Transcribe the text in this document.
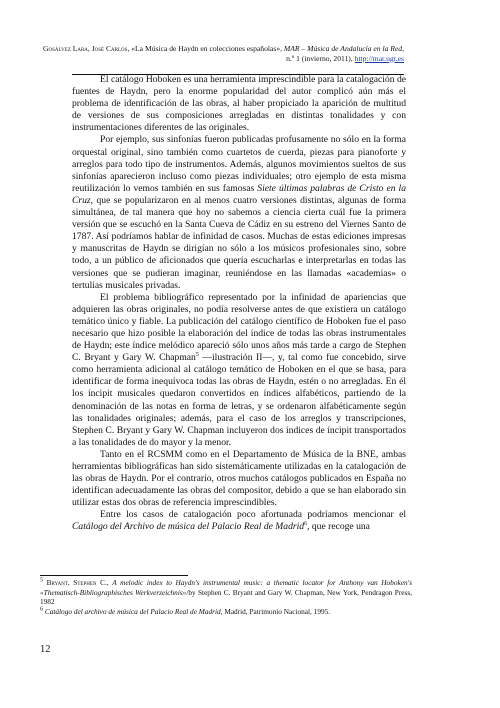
Gosálvez Lara, José Carlos, «La Música de Haydn en colecciones españolas», MAR – Música de Andalucía en la Red, n.º 1 (invierno, 2011), http://mar.ugr.es

El catálogo Hoboken es una herramienta imprescindible para la catalogación de fuentes de Haydn, pero la enorme popularidad del autor complicó aún más el problema de identificación de las obras, al haber propiciado la aparición de multitud de versiones de sus composiciones arregladas en distintas tonalidades y con instrumentaciones diferentes de las originales.

Por ejemplo, sus sinfonías fueron publicadas profusamente no sólo en la forma orquestal original, sino también como cuartetos de cuerda, piezas para pianoforte y arreglos para todo tipo de instrumentos. Además, algunos movimientos sueltos de sus sinfonías aparecieron incluso como piezas individuales; otro ejemplo de esta misma reutilización lo vemos también en sus famosas Siete últimas palabras de Cristo en la Cruz, que se popularizaron en al menos cuatro versiones distintas, algunas de forma simultánea, de tal manera que hoy no sabemos a ciencia cierta cuál fue la primera versión que se escuchó en la Santa Cueva de Cádiz en su estreno del Viernes Santo de 1787. Así podríamos hablar de infinidad de casos. Muchas de estas ediciones impresas y manuscritas de Haydn se dirigían no sólo a los músicos profesionales sino, sobre todo, a un público de aficionados que quería escucharlas e interpretarlas en todas las versiones que se pudieran imaginar, reuniéndose en las llamadas «academias» o tertulias musicales privadas.

El problema bibliográfico representado por la infinidad de apariencias que adquieren las obras originales, no podía resolverse antes de que existiera un catálogo temático único y fiable. La publicación del catálogo científico de Hoboken fue el paso necesario que hizo posible la elaboración del índice de todas las obras instrumentales de Haydn; este índice melódico apareció sólo unos años más tarde a cargo de Stephen C. Bryant y Gary W. Chapman$^5$ —ilustración II—, y, tal como fue concebido, sirve como herramienta adicional al catálogo temático de Hoboken en el que se basa, para identificar de forma inequívoca todas las obras de Haydn, estén o no arregladas. En él los íncipit musicales quedaron convertidos en índices alfabéticos, partiendo de la denominación de las notas en forma de letras, y se ordenaron alfabéticamente según las tonalidades originales; además, para el caso de los arreglos y transcripciones, Stephen C. Bryant y Gary W. Chapman incluyeron dos índices de íncipit transportados a las tonalidades de do mayor y la menor.

Tanto en el RCSMM como en el Departamento de Música de la BNE, ambas herramientas bibliográficas han sido sistemáticamente utilizadas en la catalogación de las obras de Haydn. Por el contrario, otros muchos catálogos publicados en España no identifican adecuadamente las obras del compositor, debido a que se han elaborado sin utilizar estas dos obras de referencia imprescindibles.

Entre los casos de catalogación poco afortunada podríamos mencionar el Catálogo del Archivo de música del Palacio Real de Madrid$^6$, que recoge una

$^5$ Bryant, Stephen C., A melodic index to Haydn's instrumental music: a thematic locator for Anthony van Hoboken's «Thematisch-Bibliographisches Werkverzeichnis»/by Stephen C. Bryant and Gary W. Chapman, New York, Pendragon Press, 1982

$^6$ Catálogo del archivo de música del Palacio Real de Madrid, Madrid, Patrimonio Nacional, 1995.

12
